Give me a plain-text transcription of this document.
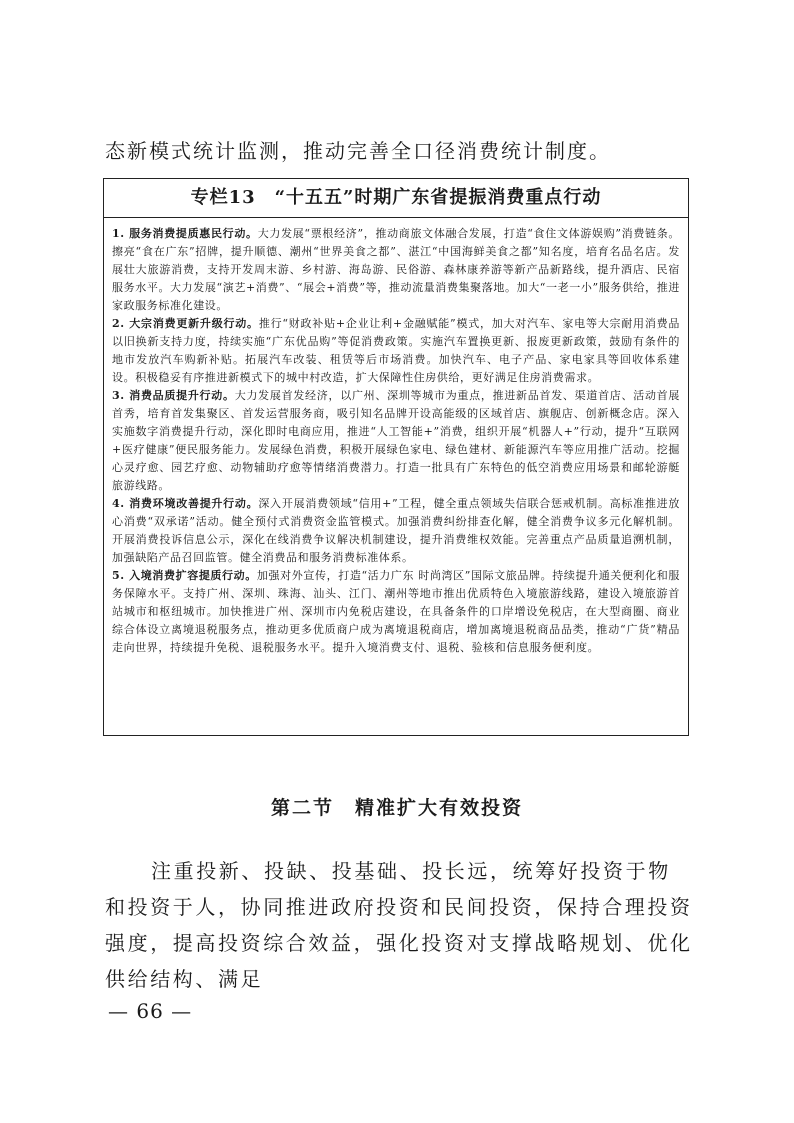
态新模式统计监测，推动完善全口径消费统计制度。

专栏13　“十五五”时期广东省提振消费重点行动

1. 服务消费提质惠民行动。大力发展“票根经济”，推动商旅文体融合发展，打造“食住文体游娱购”消费链条。擦亮“食在广东”招牌，提升顺德、潮州“世界美食之都”、湛江“中国海鲜美食之都”知名度，培育名品名店。发展壮大旅游消费，支持开发周末游、乡村游、海岛游、民俗游、森林康养游等新产品新路线，提升酒店、民宿服务水平。大力发展“演艺+消费”、“展会+消费”等，推动流量消费集聚落地。加大“一老一小”服务供给，推进家政服务标准化建设。

2. 大宗消费更新升级行动。推行“财政补贴+企业让利+金融赋能”模式，加大对汽车、家电等大宗耐用消费品以旧换新支持力度，持续实施“广东优品购”等促消费政策。实施汽车置换更新、报废更新政策，鼓励有条件的地市发放汽车购新补贴。拓展汽车改装、租赁等后市场消费。加快汽车、电子产品、家电家具等回收体系建设。积极稳妥有序推进新模式下的城中村改造，扩大保障性住房供给，更好满足住房消费需求。

3. 消费品质提升行动。大力发展首发经济，以广州、深圳等城市为重点，推进新品首发、渠道首店、活动首展首秀，培育首发集聚区、首发运营服务商，吸引知名品牌开设高能级的区域首店、旗舰店、创新概念店。深入实施数字消费提升行动，深化即时电商应用，推进“人工智能+”消费，组织开展“机器人+”行动，提升“互联网+医疗健康”便民服务能力。发展绿色消费，积极开展绿色家电、绿色建材、新能源汽车等应用推广活动。挖掘心灵疗愈、园艺疗愈、动物辅助疗愈等情绪消费潜力。打造一批具有广东特色的低空消费应用场景和邮轮游艇旅游线路。

4. 消费环境改善提升行动。深入开展消费领域“信用+”工程，健全重点领域失信联合惩戒机制。高标准推进放心消费“双承诺”活动。健全预付式消费资金监管模式。加强消费纠纷排查化解，健全消费争议多元化解机制。开展消费投诉信息公示，深化在线消费争议解决机制建设，提升消费维权效能。完善重点产品质量追溯机制，加强缺陷产品召回监管。健全消费品和服务消费标准体系。

5. 入境消费扩容提质行动。加强对外宣传，打造“活力广东 时尚湾区”国际文旅品牌。持续提升通关便利化和服务保障水平。支持广州、深圳、珠海、汕头、江门、潮州等地市推出优质特色入境旅游线路，建设入境旅游首站城市和枢纽城市。加快推进广州、深圳市内免税店建设，在具备条件的口岸增设免税店，在大型商圈、商业综合体设立离境退税服务点，推动更多优质商户成为离境退税商店，增加离境退税商品品类，推动“广货”精品走向世界，持续提升免税、退税服务水平。提升入境消费支付、退税、验核和信息服务便利度。

第二节　精准扩大有效投资

注重投新、投缺、投基础、投长远，统筹好投资于物和投资于人，协同推进政府投资和民间投资，保持合理投资强度，提高投资综合效益，强化投资对支撑战略规划、优化供给结构、满足

— 66 —
